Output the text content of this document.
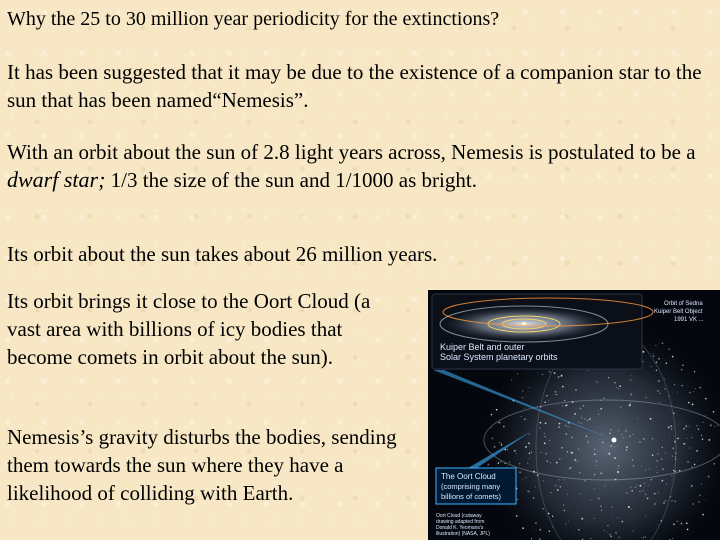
Why the 25 to 30 million year periodicity for the extinctions?

It has been suggested that it may be due to the existence of a companion star to the sun that has been named“Nemesis”.

With an orbit about the sun of 2.8 light years across, Nemesis is postulated to be a dwarf star; 1/3 the size of the sun and 1/1000 as bright.

Its orbit about the sun takes about 26 million years.

Its orbit brings it close to the Oort Cloud (a vast area with billions of icy bodies that become comets in orbit about the sun).

Nemesis’s gravity disturbs the bodies, sending them towards the sun where they have a likelihood of colliding with Earth.

Orbit of Sedna
Kuiper Belt Object
1991 VK ...
Kuiper Belt and outer
Solar System planetary orbits
The Oort Cloud
(comprising many
billions of comets)
Oort Cloud (cutaway
drawing adapted from
Donald K. Yeomans's
illustration) (NASA, JPL)
